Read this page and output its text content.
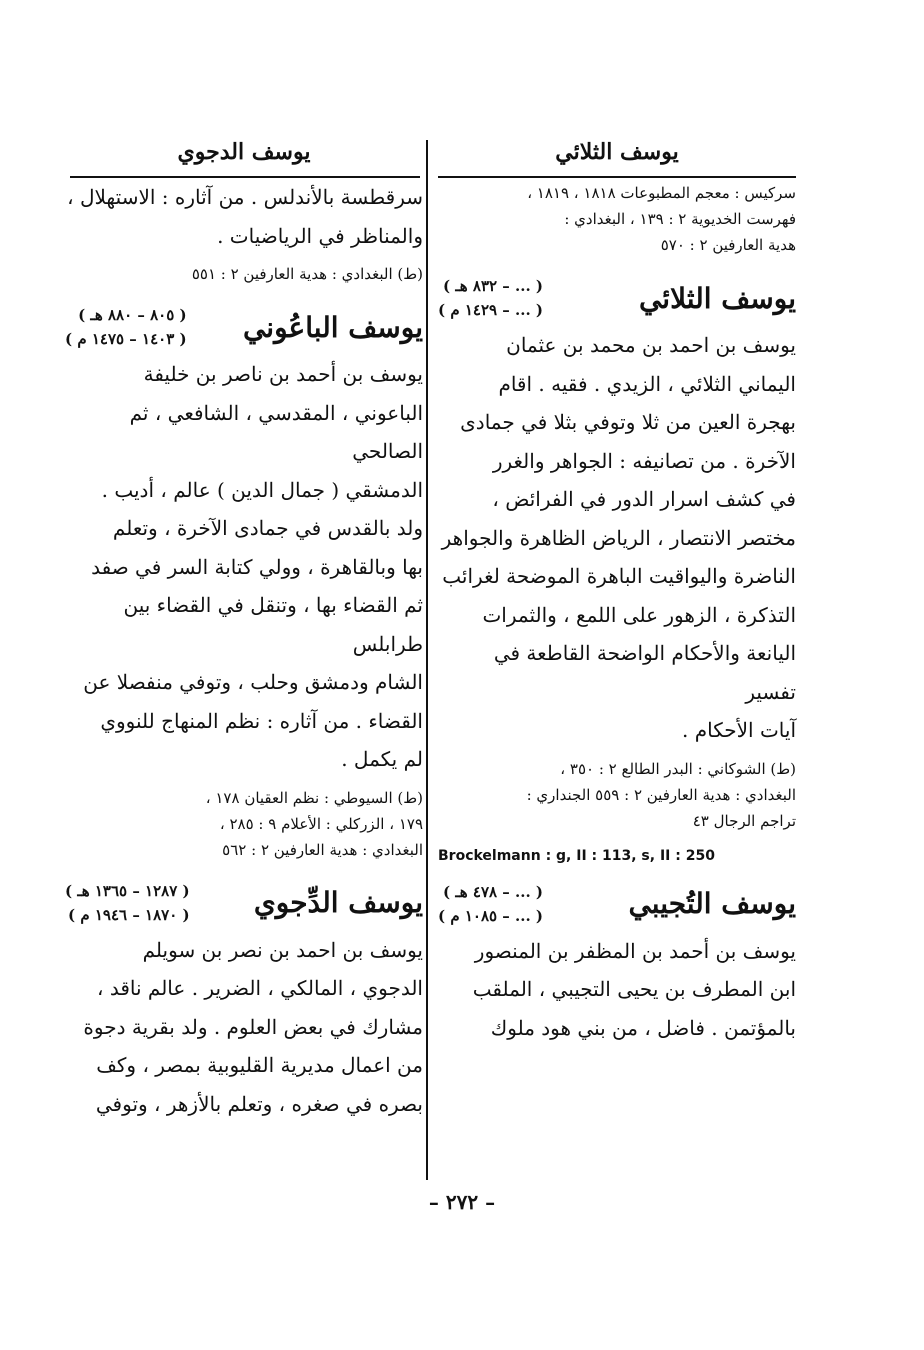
يوسف الثلائي
سركيس : معجم المطبوعات ١٨١٨ ، ١٨١٩ ،
فهرست الخديوية ٢ : ١٣٩ ، البغدادي :
هدية العارفين ٢ : ٥٧٠
يوسف الثلائي
( ... – ٨٣٢ هـ )
( ... – ١٤٢٩ م )

يوسف بن احمد بن محمد بن عثمان

اليماني الثلائي ، الزيدي . فقيه . اقام

بهجرة العين من ثلا وتوفي بثلا في جمادى

الآخرة . من تصانيفه : الجواهر والغرر

في كشف اسرار الدور في الفرائض ،

مختصر الانتصار ، الرياض الظاهرة والجواهر

الناضرة واليواقيت الباهرة الموضحة لغرائب

التذكرة ، الزهور على اللمع ، والثمرات

اليانعة والأحكام الواضحة القاطعة في تفسير

آيات الأحكام .

(ط) الشوكاني : البدر الطالع ٢ : ٣٥٠ ،
البغدادي : هدية العارفين ٢ : ٥٥٩ الجنداري :
تراجم الرجال ٤٣
Brockelmann : g, II : 113, s, II : 250
يوسف التُجيبي
( ... – ٤٧٨ هـ )
( ... – ١٠٨٥ م )

يوسف بن أحمد بن المظفر بن المنصور

ابن المطرف بن يحيى التجيبي ، الملقب

بالمؤتمن . فاضل ، من بني هود ملوك

يوسف الدجوي

سرقطسة بالأندلس . من آثاره : الاستهلال ،

والمناظر في الرياضيات .

(ط) البغدادي : هدية العارفين ٢ : ٥٥١
يوسف الباعُوني
( ٨٠٥ – ٨٨٠ هـ )
( ١٤٠٣ – ١٤٧٥ م )

يوسف بن أحمد بن ناصر بن خليفة

الباعوني ، المقدسي ، الشافعي ، ثم الصالحي

الدمشقي ( جمال الدين ) عالم ، أديب .

ولد بالقدس في جمادى الآخرة ، وتعلم

بها وبالقاهرة ، وولي كتابة السر في صفد

ثم القضاء بها ، وتنقل في القضاء بين طرابلس

الشام ودمشق وحلب ، وتوفي منفصلا عن

القضاء . من آثاره : نظم المنهاج للنووي

لم يكمل .

(ط) السيوطي : نظم العقيان ١٧٨ ،
١٧٩ ، الزركلي : الأعلام ٩ : ٢٨٥ ،
البغدادي : هدية العارفين ٢ : ٥٦٢
يوسف الدِّجوي
( ١٢٨٧ – ١٣٦٥ هـ )
( ١٨٧٠ – ١٩٤٦ م )

يوسف بن احمد بن نصر بن سويلم

الدجوي ، المالكي ، الضرير . عالم ناقد ،

مشارك في بعض العلوم . ولد بقرية دجوة

من اعمال مديرية القليوبية بمصر ، وكف

بصره في صغره ، وتعلم بالأزهر ، وتوفي

– ٢٧٢ –
